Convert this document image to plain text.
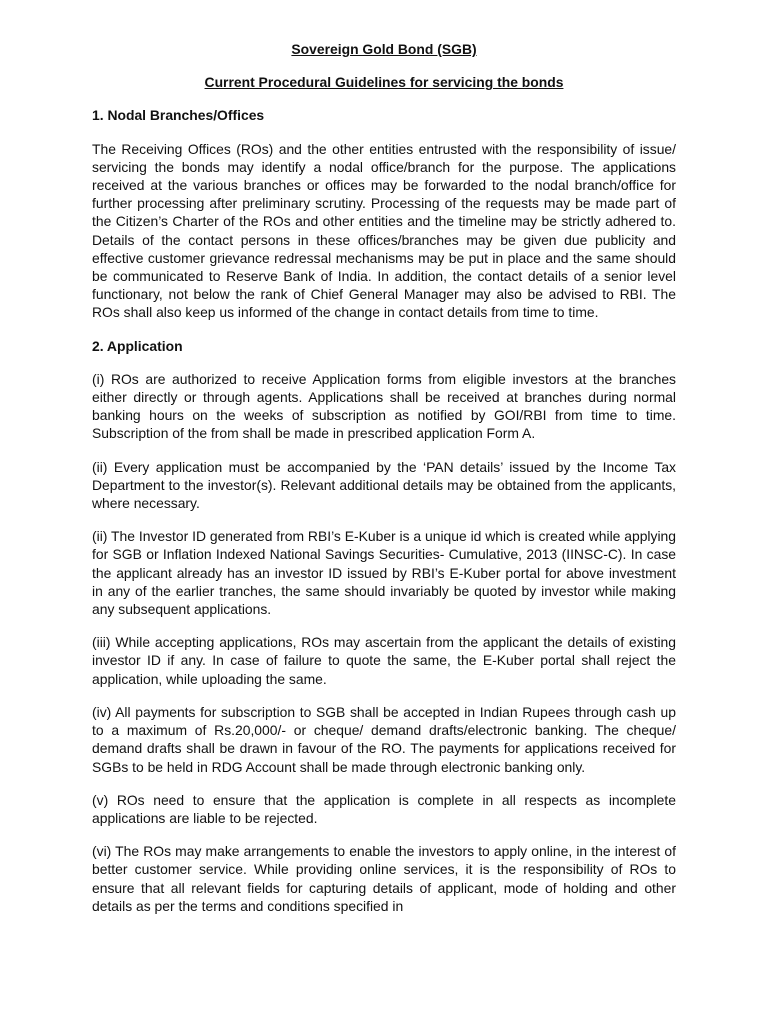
Sovereign Gold Bond (SGB)

Current Procedural Guidelines for servicing the bonds

1. Nodal Branches/Offices

The Receiving Offices (ROs) and the other entities entrusted with the responsibility of issue/ servicing the bonds may identify a nodal office/branch for the purpose. The applications received at the various branches or offices may be forwarded to the nodal branch/office for further processing after preliminary scrutiny. Processing of the requests may be made part of the Citizen’s Charter of the ROs and other entities and the timeline may be strictly adhered to. Details of the contact persons in these offices/branches may be given due publicity and effective customer grievance redressal mechanisms may be put in place and the same should be communicated to Reserve Bank of India. In addition, the contact details of a senior level functionary, not below the rank of Chief General Manager may also be advised to RBI. The ROs shall also keep us informed of the change in contact details from time to time.

2. Application

(i) ROs are authorized to receive Application forms from eligible investors at the branches either directly or through agents. Applications shall be received at branches during normal banking hours on the weeks of subscription as notified by GOI/RBI from time to time. Subscription of the from shall be made in prescribed application Form A.

(ii) Every application must be accompanied by the ‘PAN details’ issued by the Income Tax Department to the investor(s). Relevant additional details may be obtained from the applicants, where necessary.

(ii) The Investor ID generated from RBI’s E-Kuber is a unique id which is created while applying for SGB or Inflation Indexed National Savings Securities- Cumulative, 2013 (IINSC-C). In case the applicant already has an investor ID issued by RBI’s E-Kuber portal for above investment in any of the earlier tranches, the same should invariably be quoted by investor while making any subsequent applications.

(iii) While accepting applications, ROs may ascertain from the applicant the details of existing investor ID if any. In case of failure to quote the same, the E-Kuber portal shall reject the application, while uploading the same.

(iv) All payments for subscription to SGB shall be accepted in Indian Rupees through cash up to a maximum of Rs.20,000/- or cheque/ demand drafts/electronic banking. The cheque/ demand drafts shall be drawn in favour of the RO. The payments for applications received for SGBs to be held in RDG Account shall be made through electronic banking only.

(v) ROs need to ensure that the application is complete in all respects as incomplete applications are liable to be rejected.

(vi) The ROs may make arrangements to enable the investors to apply online, in the interest of better customer service. While providing online services, it is the responsibility of ROs to ensure that all relevant fields for capturing details of applicant, mode of holding and other details as per the terms and conditions specified in
